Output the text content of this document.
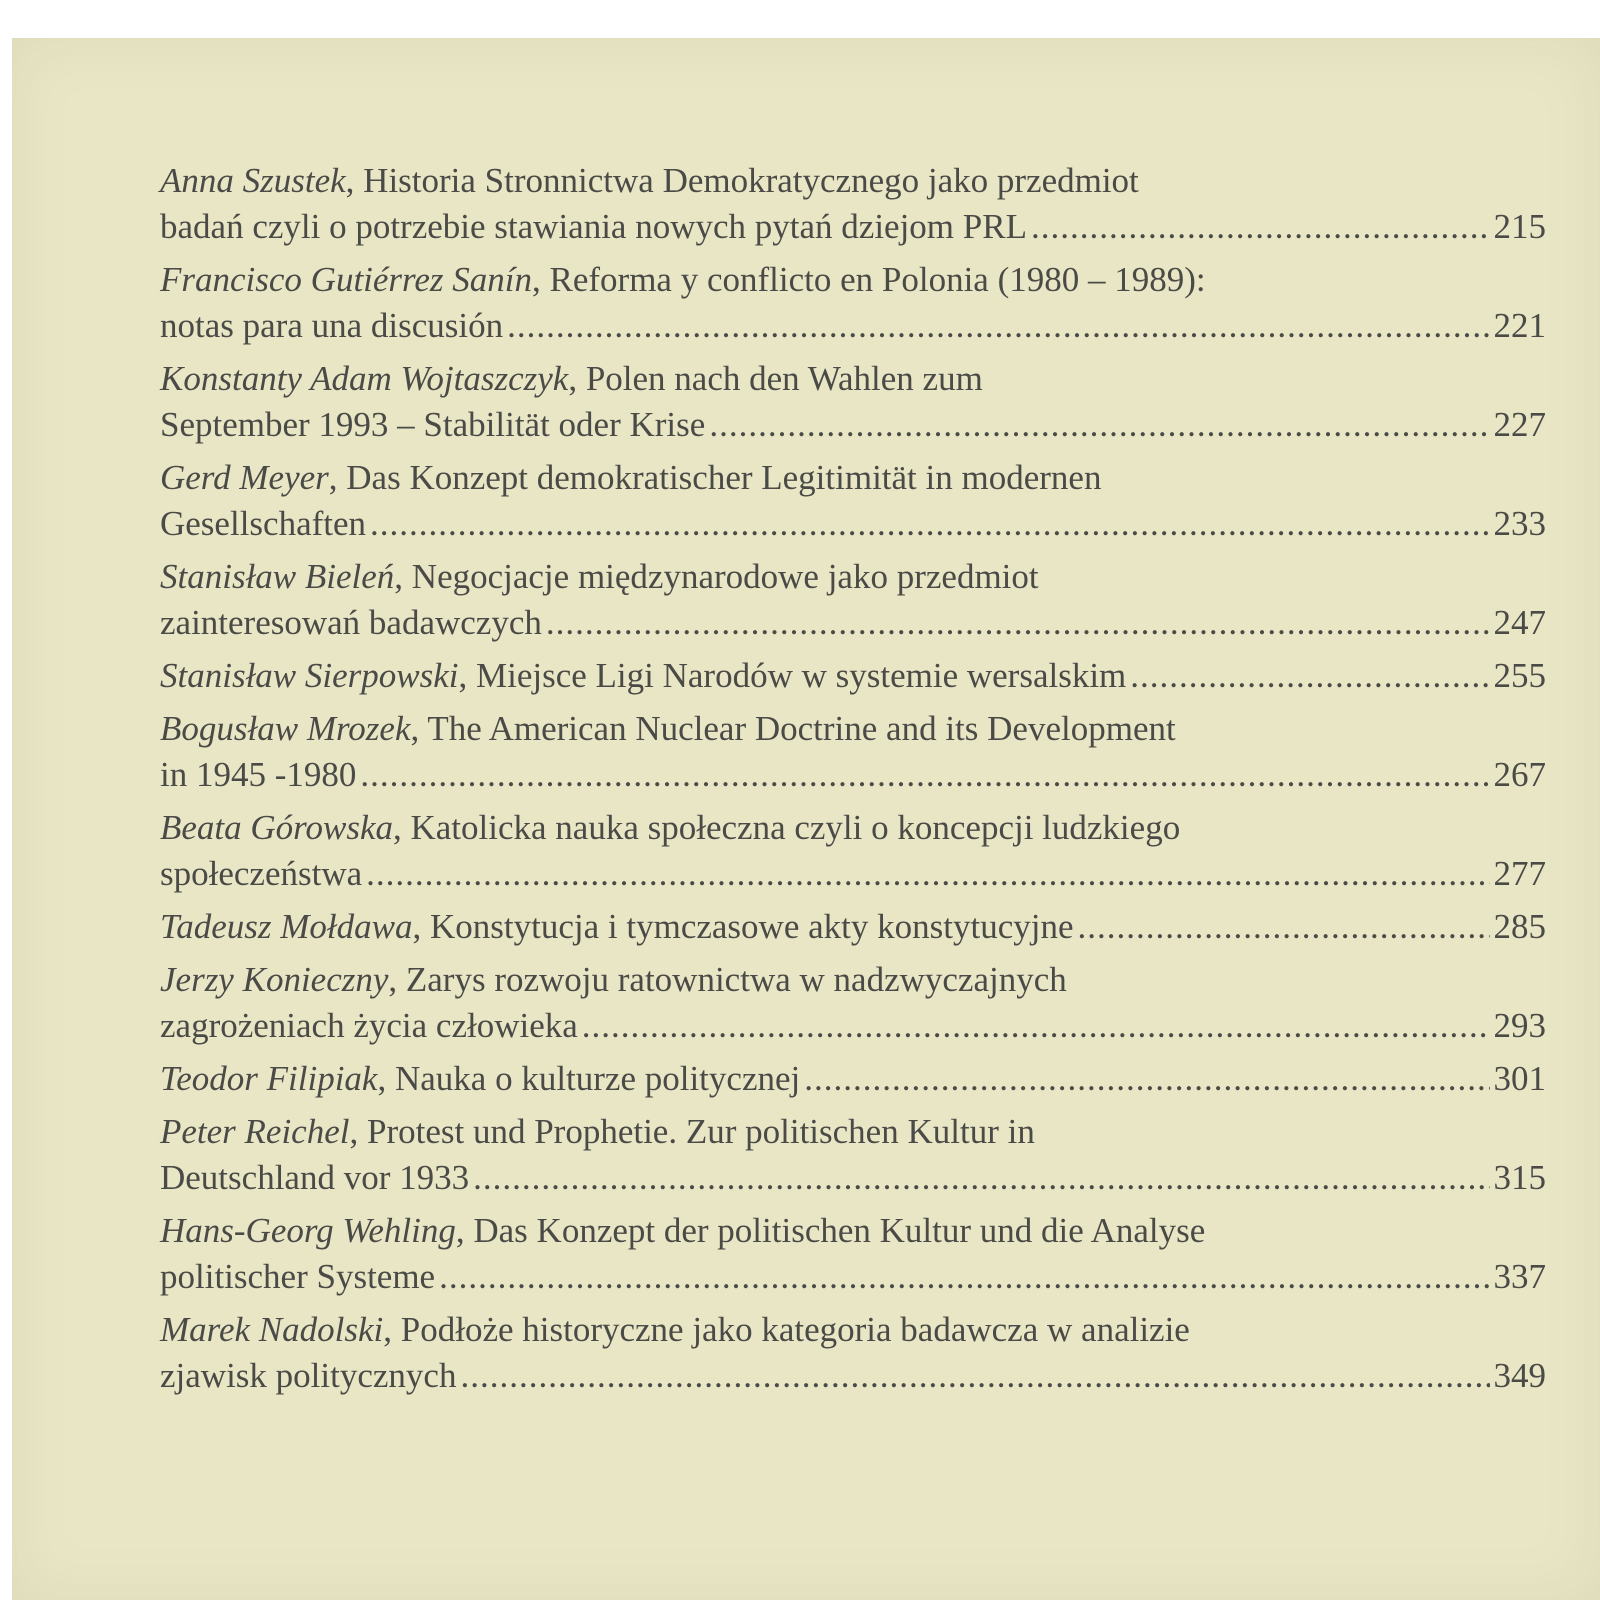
Anna Szustek, Historia Stronnictwa Demokratycznego jako przedmiot
badań czyli o potrzebie stawiania nowych pytań dziejom PRL .....	215
Francisco Gutiérrez Sanín, Reforma y conflicto en Polonia (1980 – 1989):
notas para una discusión .....	221
Konstanty Adam Wojtaszczyk, Polen nach den Wahlen zum
September 1993 – Stabilität oder Krise .....	227
Gerd Meyer, Das Konzept demokratischer Legitimität in modernen
Gesellschaften .....	233
Stanisław Bieleń, Negocjacje międzynarodowe jako przedmiot
zainteresowań badawczych .....	247
Stanisław Sierpowski, Miejsce Ligi Narodów w systemie wersalskim .....	255
Bogusław Mrozek, The American Nuclear Doctrine and its Development
in 1945 -1980 .....	267
Beata Górowska, Katolicka nauka społeczna czyli o koncepcji ludzkiego
społeczeństwa .....	277
Tadeusz Mołdawa, Konstytucja i tymczasowe akty konstytucyjne .....	285
Jerzy Konieczny, Zarys rozwoju ratownictwa w nadzwyczajnych
zagrożeniach życia człowieka .....	293
Teodor Filipiak, Nauka o kulturze politycznej .....	301
Peter Reichel, Protest und Prophetie. Zur politischen Kultur in
Deutschland vor 1933 .....	315
Hans-Georg Wehling, Das Konzept der politischen Kultur und die Analyse
politischer Systeme .....	337
Marek Nadolski, Podłoże historyczne jako kategoria badawcza w analizie
zjawisk politycznych .....	349
